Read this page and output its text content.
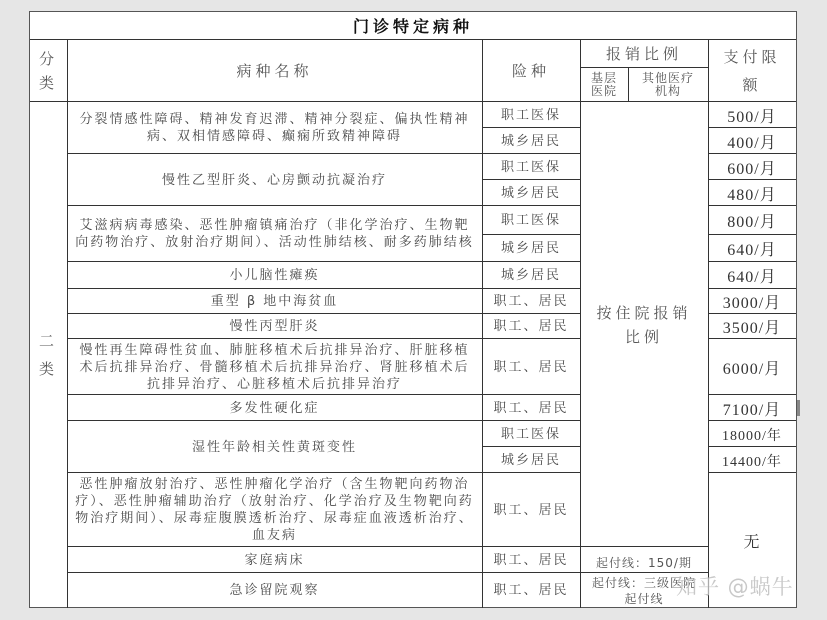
门诊特定病种
分类
病种名称	险种
报销比例
基层医院
其他医疗机构
支付限额
二类
分裂情感性障碍、精神发育迟滞、精神分裂症、偏执性精神病、双相情感障碍、癫痫所致精神障碍
慢性乙型肝炎、心房颤动抗凝治疗
艾滋病病毒感染、恶性肿瘤镇痛治疗（非化学治疗、生物靶向药物治疗、放射治疗期间）、活动性肺结核、耐多药肺结核
小儿脑性瘫痪
重型 β 地中海贫血
慢性丙型肝炎
慢性再生障碍性贫血、肺脏移植术后抗排异治疗、肝脏移植术后抗排异治疗、骨髓移植术后抗排异治疗、肾脏移植术后抗排异治疗、心脏移植术后抗排异治疗
多发性硬化症
湿性年龄相关性黄斑变性
恶性肿瘤放射治疗、恶性肿瘤化学治疗（含生物靶向药物治疗）、恶性肿瘤辅助治疗（放射治疗、化学治疗及生物靶向药物治疗期间）、尿毒症腹膜透析治疗、尿毒症血液透析治疗、血友病
家庭病床
急诊留院观察
职工医保
城乡居民
职工医保
城乡居民
职工医保
城乡居民
城乡居民
职工、居民
职工、居民
职工、居民
职工、居民
职工医保
城乡居民
职工、居民
职工、居民
职工、居民
按住院报销比例
起付线：150/期
起付线：三级医院起付线
500/月
400/月
600/月
480/月
800/月
640/月
640/月
3000/月
3500/月
6000/月
7100/月
18000/年
14400/年
无
知乎 @蜗牛
